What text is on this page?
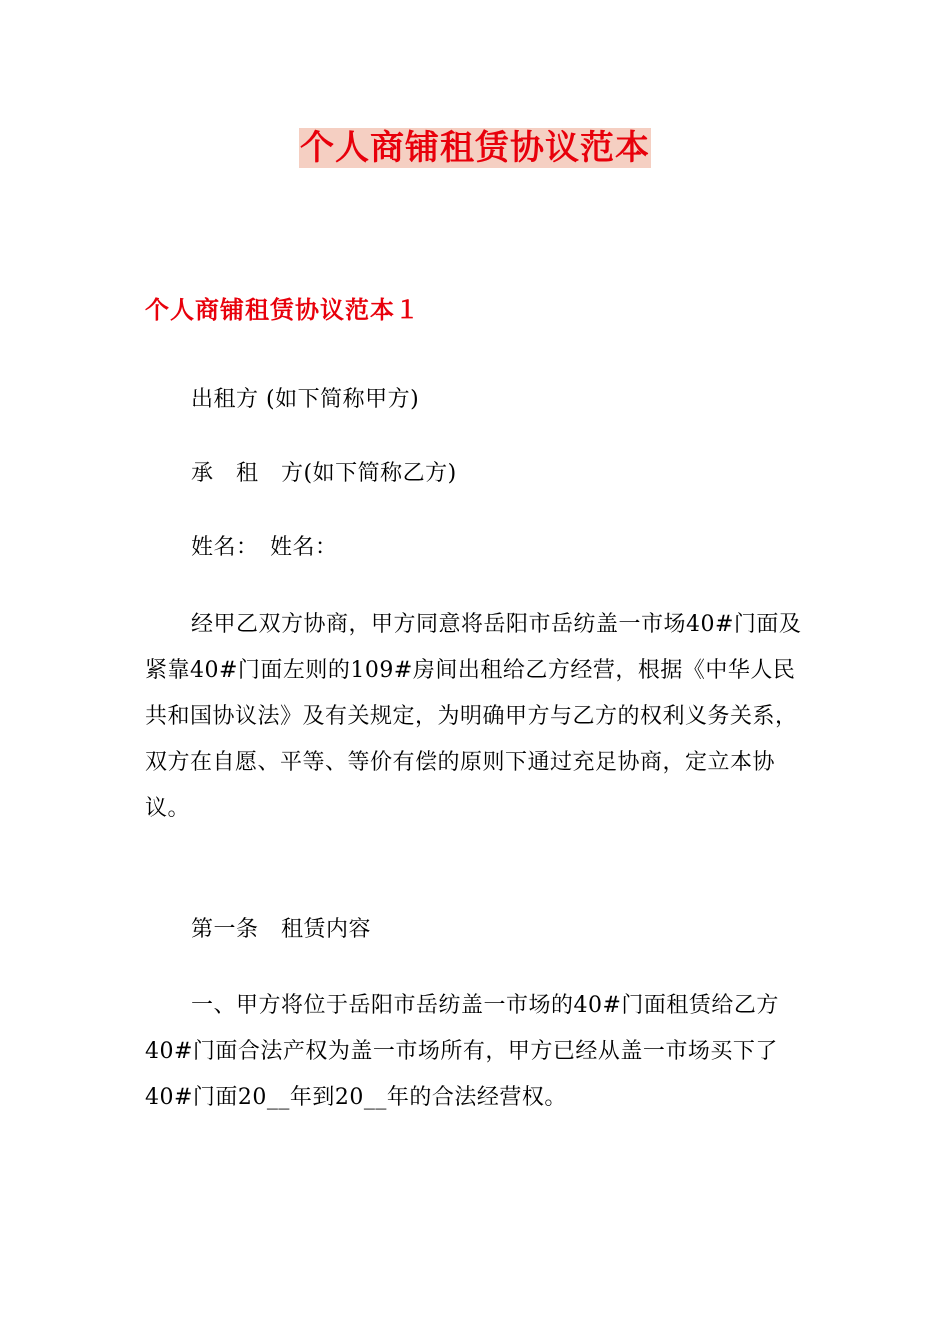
个人商铺租赁协议范本
个人商铺租赁协议范本１

出租方 (如下简称甲方)

承　租　方(如下简称乙方)

姓名：　姓名：

经甲乙双方协商，甲方同意将岳阳市岳纺盖一市场40#门面及紧靠40#门面左则的109#房间出租给乙方经营，根据《中华人民共和国协议法》及有关规定，为明确甲方与乙方的权利义务关系，双方在自愿、平等、等价有偿的原则下通过充足协商，定立本协议。

第一条　租赁内容

一、甲方将位于岳阳市岳纺盖一市场的40#门面租赁给乙方40#门面合法产权为盖一市场所有，甲方已经从盖一市场买下了40#门面20__年到20__年的合法经营权。
